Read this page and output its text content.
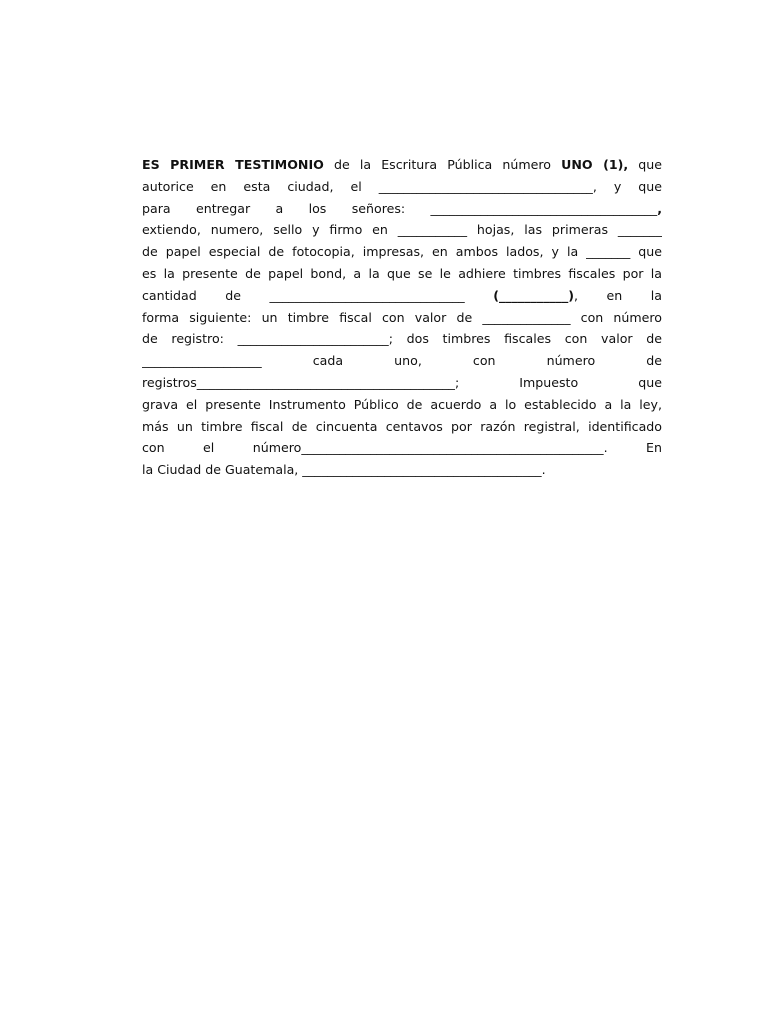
ES PRIMER TESTIMONIO de la Escritura Pública número UNO (1), que
autorice en esta ciudad, el __________________________________, y que
para entregar a los señores: ____________________________________,
extiendo, numero, sello y firmo en ___________ hojas, las primeras _______
de papel especial de fotocopia, impresas, en ambos lados, y la _______ que
es la presente de papel bond, a la que se le adhiere timbres fiscales por la
cantidad de _______________________________ (___________), en la
forma siguiente: un timbre fiscal con valor de ______________ con número
de registro: ________________________; dos timbres fiscales con valor de
___________________ cada uno, con número de
registros_________________________________________; Impuesto que
grava el presente Instrumento Público de acuerdo a lo establecido a la ley,
más un timbre fiscal de cincuenta centavos por razón registral, identificado
con el número________________________________________________. En
la Ciudad de Guatemala, ______________________________________.
